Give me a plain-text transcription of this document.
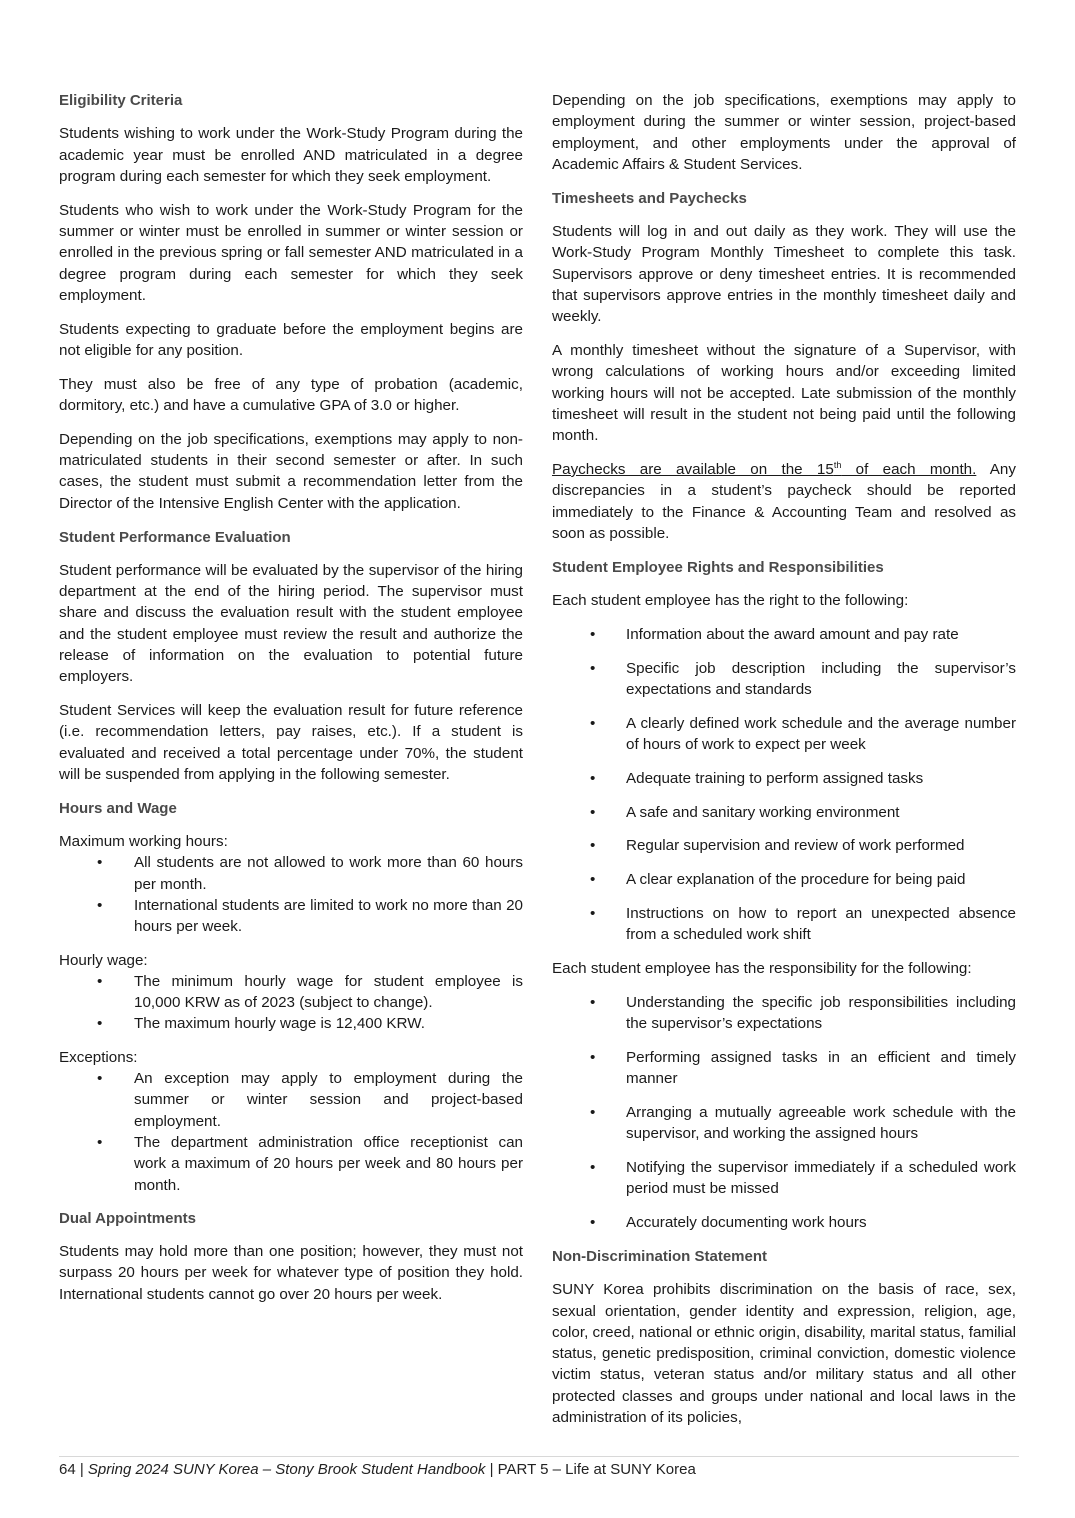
Eligibility Criteria

Students wishing to work under the Work-Study Program during the academic year must be enrolled AND matriculated in a degree program during each semester for which they seek employment.

Students who wish to work under the Work-Study Program for the summer or winter must be enrolled in summer or winter session or enrolled in the previous spring or fall semester AND matriculated in a degree program during each semester for which they seek employment.

Students expecting to graduate before the employment begins are not eligible for any position.

They must also be free of any type of probation (academic, dormitory, etc.) and have a cumulative GPA of 3.0 or higher.

Depending on the job specifications, exemptions may apply to non-matriculated students in their second semester or after. In such cases, the student must submit a recommendation letter from the Director of the Intensive English Center with the application.

Student Performance Evaluation

Student performance will be evaluated by the supervisor of the hiring department at the end of the hiring period. The supervisor must share and discuss the evaluation result with the student employee and the student employee must review the result and authorize the release of information on the evaluation to potential future employers.

Student Services will keep the evaluation result for future reference (i.e. recommendation letters, pay raises, etc.). If a student is evaluated and received a total percentage under 70%, the student will be suspended from applying in the following semester.

Hours and Wage

Maximum working hours:

• All students are not allowed to work more than 60 hours per month.
• International students are limited to work no more than 20 hours per week.

Hourly wage:

• The minimum hourly wage for student employee is 10,000 KRW as of 2023 (subject to change).
• The maximum hourly wage is 12,400 KRW.

Exceptions:

• An exception may apply to employment during the summer or winter session and project-based employment.
• The department administration office receptionist can work a maximum of 20 hours per week and 80 hours per month.
Dual Appointments

Students may hold more than one position; however, they must not surpass 20 hours per week for whatever type of position they hold. International students cannot go over 20 hours per week.

Depending on the job specifications, exemptions may apply to employment during the summer or winter session, project-based employment, and other employments under the approval of Academic Affairs & Student Services.

Timesheets and Paychecks

Students will log in and out daily as they work. They will use the Work-Study Program Monthly Timesheet to complete this task. Supervisors approve or deny timesheet entries. It is recommended that supervisors approve entries in the monthly timesheet daily and weekly.

A monthly timesheet without the signature of a Supervisor, with wrong calculations of working hours and/or exceeding limited working hours will not be accepted. Late submission of the monthly timesheet will result in the student not being paid until the following month.

Paychecks are available on the 15th of each month. Any discrepancies in a student’s paycheck should be reported immediately to the Finance & Accounting Team and resolved as soon as possible.

Student Employee Rights and Responsibilities

Each student employee has the right to the following:

• Information about the award amount and pay rate
• Specific job description including the supervisor’s expectations and standards
• A clearly defined work schedule and the average number of hours of work to expect per week
• Adequate training to perform assigned tasks
• A safe and sanitary working environment
• Regular supervision and review of work performed
• A clear explanation of the procedure for being paid
• Instructions on how to report an unexpected absence from a scheduled work shift

Each student employee has the responsibility for the following:

• Understanding the specific job responsibilities including the supervisor’s expectations
• Performing assigned tasks in an efficient and timely manner
• Arranging a mutually agreeable work schedule with the supervisor, and working the assigned hours
• Notifying the supervisor immediately if a scheduled work period must be missed
• Accurately documenting work hours
Non-Discrimination Statement

SUNY Korea prohibits discrimination on the basis of race, sex, sexual orientation, gender identity and expression, religion, age, color, creed, national or ethnic origin, disability, marital status, familial status, genetic predisposition, criminal conviction, domestic violence victim status, veteran status and/or military status and all other protected classes and groups under national and local laws in the administration of its policies,

64 | Spring 2024 SUNY Korea – Stony Brook Student Handbook | PART 5 – Life at SUNY Korea
